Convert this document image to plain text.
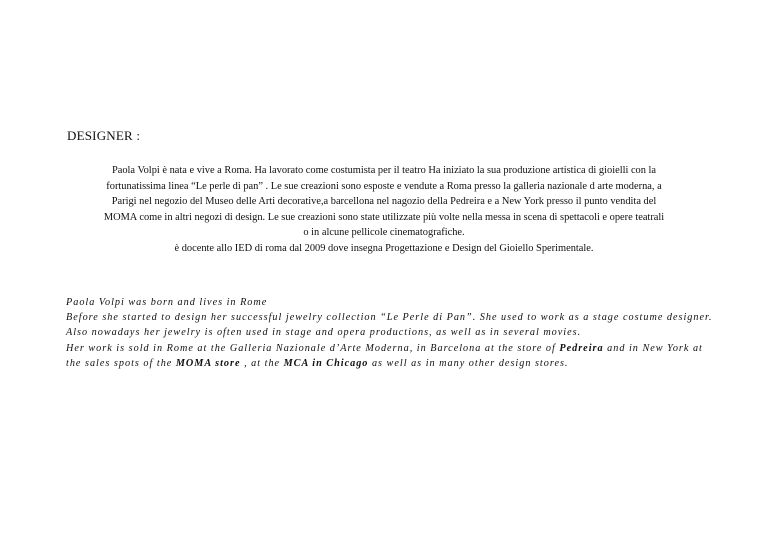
DESIGNER :

Paola Volpi è nata e vive a Roma. Ha lavorato come costumista per il teatro Ha iniziato la sua produzione artistica di gioielli con la

fortunatissima linea “Le perle di pan” . Le sue creazioni sono esposte e vendute a Roma presso la galleria nazionale d arte moderna, a

Parigi nel negozio del Museo delle Arti decorative,a barcellona nel nagozio della Pedreira e a New York presso il punto vendita del

MOMA come in altri negozi di design. Le sue creazioni sono state utilizzate più volte nella messa in scena di spettacoli e opere teatrali

o in alcune pellicole cinematografiche.

è docente allo IED di roma dal 2009 dove insegna Progettazione e Design del Gioiello Sperimentale.

Paola Volpi was born and lives in Rome

Before she started to design her successful jewelry collection “Le Perle di Pan”. She used to work as a stage costume designer.

Also nowadays her jewelry is often used in stage and opera productions, as well as in several movies.

Her work is sold in Rome at the Galleria Nazionale d’Arte Moderna, in Barcelona at the store of Pedreira and in New York at the sales spots of the MOMA store , at the MCA in Chicago as well as in many other design stores.
